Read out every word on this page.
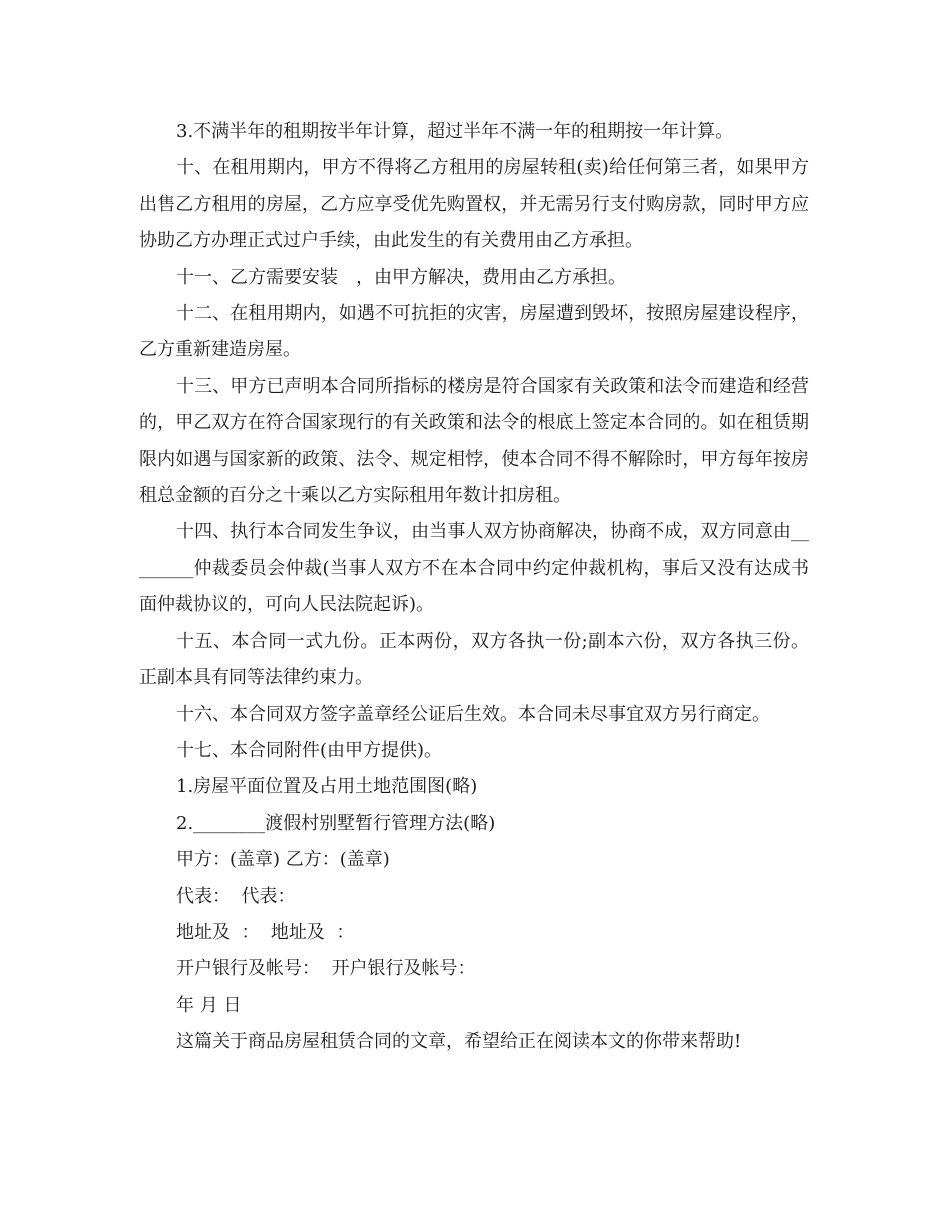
3.不满半年的租期按半年计算，超过半年不满一年的租期按一年计算。

十、在租用期内，甲方不得将乙方租用的房屋转租(卖)给任何第三者，如果甲方出售乙方租用的房屋，乙方应享受优先购置权，并无需另行支付购房款，同时甲方应协助乙方办理正式过户手续，由此发生的有关费用由乙方承担。

十一、乙方需要安装　，由甲方解决，费用由乙方承担。

十二、在租用期内，如遇不可抗拒的灾害，房屋遭到毁坏，按照房屋建设程序，乙方重新建造房屋。

十三、甲方已声明本合同所指标的楼房是符合国家有关政策和法令而建造和经营的，甲乙双方在符合国家现行的有关政策和法令的根底上签定本合同的。如在租赁期限内如遇与国家新的政策、法令、规定相悖，使本合同不得不解除时，甲方每年按房租总金额的百分之十乘以乙方实际租用年数计扣房租。

十四、执行本合同发生争议，由当事人双方协商解决，协商不成，双方同意由________仲裁委员会仲裁(当事人双方不在本合同中约定仲裁机构，事后又没有达成书面仲裁协议的，可向人民法院起诉)。

十五、本合同一式九份。正本两份，双方各执一份;副本六份，双方各执三份。正副本具有同等法律约束力。

十六、本合同双方签字盖章经公证后生效。本合同未尽事宜双方另行商定。

十七、本合同附件(由甲方提供)。

1.房屋平面位置及占用土地范围图(略)

2.________渡假村别墅暂行管理方法(略)

甲方：(盖章) 乙方：(盖章)

代表：  代表：

地址及  ：  地址及  ：

开户银行及帐号：  开户银行及帐号：

年 月 日

这篇关于商品房屋租赁合同的文章，希望给正在阅读本文的你带来帮助!
